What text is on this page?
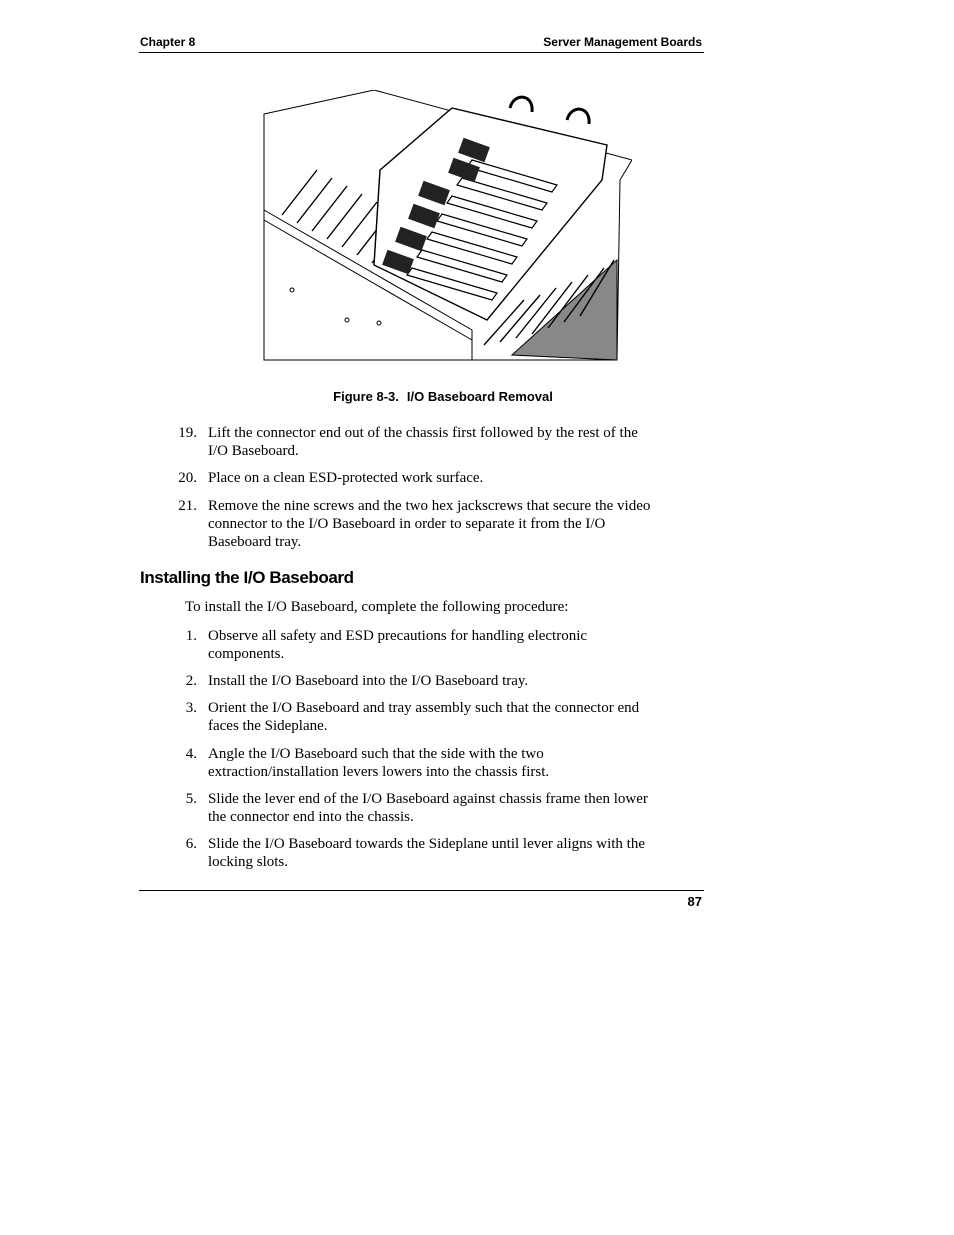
Chapter 8	Server Management Boards
Figure 8-3. I/O Baseboard Removal
19. Lift the connector end out of the chassis first followed by the rest of the
I/O Baseboard.
20. Place on a clean ESD-protected work surface.
21. Remove the nine screws and the two hex jackscrews that secure the video
connector to the I/O Baseboard in order to separate it from the I/O
Baseboard tray.
Installing the I/O Baseboard
To install the I/O Baseboard, complete the following procedure:
1. Observe all safety and ESD precautions for handling electronic
components.
2. Install the I/O Baseboard into the I/O Baseboard tray.
3. Orient the I/O Baseboard and tray assembly such that the connector end
faces the Sideplane.
4. Angle the I/O Baseboard such that the side with the two
extraction/installation levers lowers into the chassis first.
5. Slide the lever end of the I/O Baseboard against chassis frame then lower
the connector end into the chassis.
6. Slide the I/O Baseboard towards the Sideplane until lever aligns with the
locking slots.
87
